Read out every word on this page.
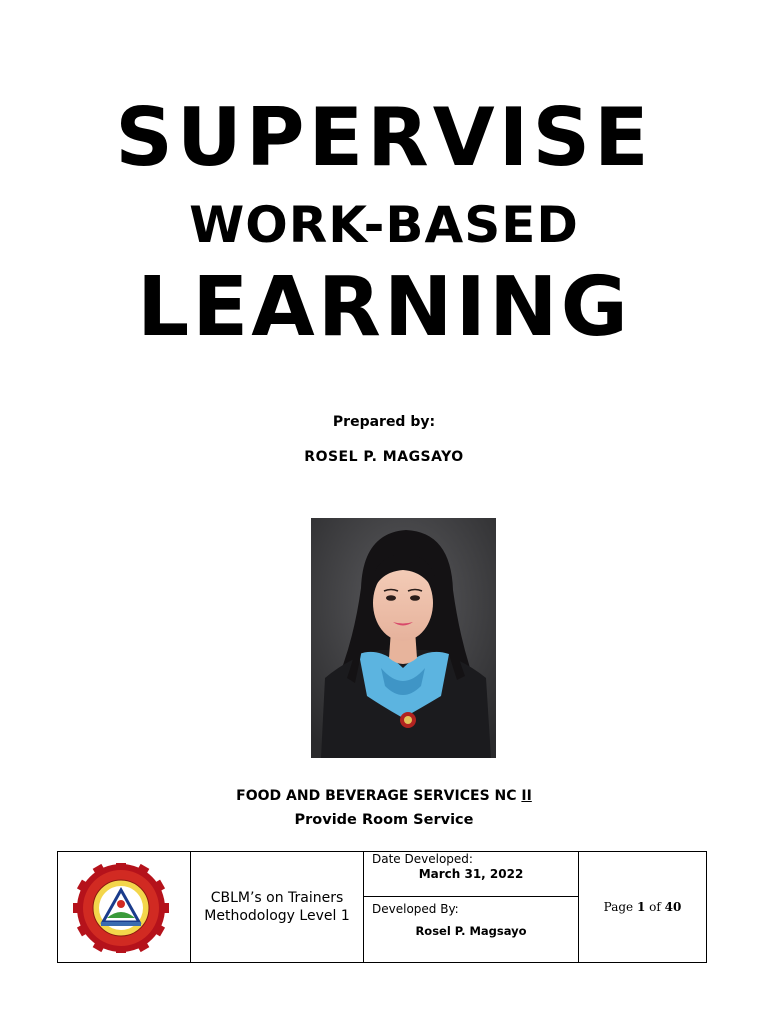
SUPERVISE
WORK-BASED
LEARNING
Prepared by:
ROSEL P. MAGSAYO
FOOD AND BEVERAGE SERVICES NC II
Provide Room Service
CBLM’s on Trainers Methodology Level 1
Date Developed:
March 31, 2022
Developed By:
Rosel P. Magsayo
Page 1 of 40
